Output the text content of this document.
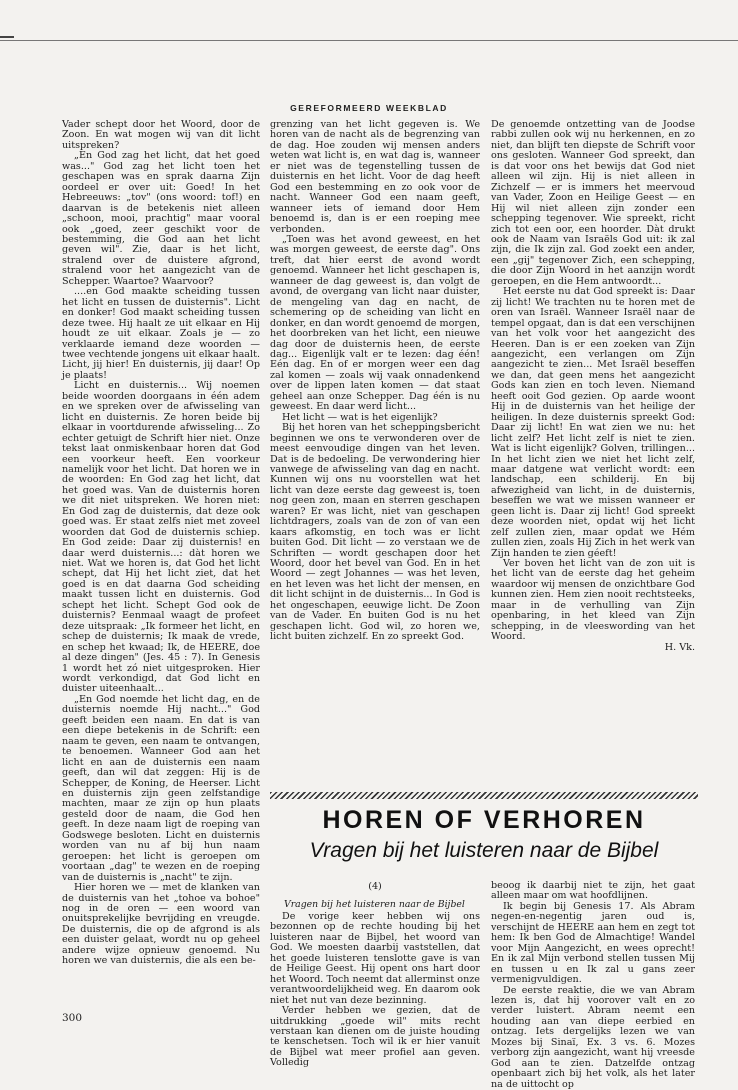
GEREFORMEERD WEEKBLAD

Vader schept door het Woord, door de Zoon. En wat mogen wij van dit licht uitspreken?

„En God zag het licht, dat het goed was..." God zag het licht toen het geschapen was en sprak daarna Zijn oordeel er over uit: Goed! In het Hebreeuws: „tov" (ons woord: tof!) en daarvan is de betekenis niet alleen „schoon, mooi, prachtig" maar vooral ook „goed, zeer geschikt voor de bestemming, die God aan het licht geven wil". Zie, daar is het licht, stralend over de duistere afgrond, stralend voor het aangezicht van de Schepper. Waartoe? Waarvoor?

....en God maakte scheiding tussen het licht en tussen de duisternis". Licht en donker! God maakt scheiding tussen deze twee. Hij haalt ze uit elkaar en Hij houdt ze uit elkaar. Zoals je — zo verklaarde iemand deze woorden — twee vechtende jongens uit elkaar haalt. Licht, jij hier! En duisternis, jij daar! Op je plaats!

Licht en duisternis... Wij noemen beide woorden doorgaans in één adem en we spreken over de afwisseling van licht en duisternis. Ze horen beide bij elkaar in voortdurende afwisseling... Zo echter getuigt de Schrift hier niet. Onze tekst laat onmiskenbaar horen dat God een voorkeur heeft. Een voorkeur namelijk voor het licht. Dat horen we in de woorden: En God zag het licht, dat het goed was. Van de duisternis horen we dit niet uitspreken. We horen niet: En God zag de duisternis, dat deze ook goed was. Er staat zelfs niet met zoveel woorden dat God de duisternis schiep. En God zeide: Daar zij duisternis! en daar werd duisternis...: dàt horen we niet. Wat we horen is, dat God het licht schept, dat Hij het licht ziet, dat het goed is en dat daarna God scheiding maakt tussen licht en duisternis. God schept het licht. Schept God ook de duisternis? Eenmaal waagt de profeet deze uitspraak: „Ik formeer het licht, en schep de duisternis; Ik maak de vrede, en schep het kwaad; Ik, de HEERE, doe al deze dingen" (Jes. 45 : 7). In Genesis 1 wordt het zó niet uitgesproken. Hier wordt verkondigd, dat God licht en duister uiteenhaalt...

„En God noemde het licht dag, en de duisternis noemde Hij nacht..." God geeft beiden een naam. En dat is van een diepe betekenis in de Schrift: een naam te geven, een naam te ontvangen, te benoemen. Wanneer God aan het licht en aan de duisternis een naam geeft, dan wil dat zeggen: Hij is de Schepper, de Koning, de Heerser. Licht en duisternis zijn geen zelfstandige machten, maar ze zijn op hun plaats gesteld door de naam, die God hen geeft. In deze naam ligt de roeping van Godswege besloten. Licht en duisternis worden van nu af bij hun naam geroepen: het licht is geroepen om voortaan „dag" te wezen en de roeping van de duisternis is „nacht" te zijn.

Hier horen we — met de klanken van de duisternis van het „tohoe va bohoe" nog in de oren — een woord van onuitsprekelijke bevrijding en vreugde. De duisternis, die op de afgrond is als een duister gelaat, wordt nu op geheel andere wijze opnieuw genoemd. Nu horen we van duisternis, die als een be-

grenzing van het licht gegeven is. We horen van de nacht als de begrenzing van de dag. Hoe zouden wij mensen anders weten wat licht is, en wat dag is, wanneer er niet was de tegenstelling tussen de duisternis en het licht. Voor de dag heeft God een bestemming en zo ook voor de nacht. Wanneer God een naam geeft, wanneer iets of iemand door Hem benoemd is, dan is er een roeping mee verbonden.

„Toen was het avond geweest, en het was morgen geweest, de eerste dag". Ons treft, dat hier eerst de avond wordt genoemd. Wanneer het licht geschapen is, wanneer de dag geweest is, dan volgt de avond, de overgang van licht naar duister, de mengeling van dag en nacht, de schemering op de scheiding van licht en donker, en dan wordt genoemd de morgen, het doorbreken van het licht, een nieuwe dag door de duisternis heen, de eerste dag... Eigenlijk valt er te lezen: dag één! Eén dag. En of er morgen weer een dag zal komen — zoals wij vaak onnadenkend over de lippen laten komen — dat staat geheel aan onze Schepper. Dag één is nu geweest. En daar werd licht...

Het licht — wat is het eigenlijk?

Bij het horen van het scheppingsbericht beginnen we ons te verwonderen over de meest eenvoudige dingen van het leven. Dat is de bedoeling. De verwondering hier vanwege de afwisseling van dag en nacht. Kunnen wij ons nu voorstellen wat het licht van deze eerste dag geweest is, toen nog geen zon, maan en sterren geschapen waren? Er was licht, niet van geschapen lichtdragers, zoals van de zon of van een kaars afkomstig, en toch was er licht buiten God. Dit licht — zo verstaan we de Schriften — wordt geschapen door het Woord, door het bevel van God. En in het Woord — zegt Johannes — was het leven, en het leven was het licht der mensen, en dit licht schijnt in de duisternis... In God is het ongeschapen, eeuwige licht. De Zoon van de Vader. En buiten God is nu het geschapen licht. God wil, zo horen we, licht buiten zichzelf. En zo spreekt God.

De genoemde ontzetting van de Joodse rabbi zullen ook wij nu herkennen, en zo niet, dan blijft ten diepste de Schrift voor ons gesloten. Wanneer God spreekt, dan is dat voor ons het bewijs dat God niet alleen wil zijn. Hij is niet alleen in Zichzelf — er is immers het meervoud van Vader, Zoon en Heilige Geest — en Hij wil niet alleen zijn zonder een schepping tegenover. Wie spreekt, richt zich tot een oor, een hoorder. Dàt drukt ook de Naam van Israëls God uit: ik zal zijn, die Ik zijn zal. God zoekt een ander, een „gij" tegenover Zich, een schepping, die door Zijn Woord in het aanzijn wordt geroepen, en die Hem antwoordt...

Het eerste nu dat God spreekt is: Daar zij licht! We trachten nu te horen met de oren van Israël. Wanneer Israël naar de tempel opgaat, dan is dat een verschijnen van het volk voor het aangezicht des Heeren. Dan is er een zoeken van Zijn aangezicht, een verlangen om Zijn aangezicht te zien... Met Israël beseffen we dan, dat geen mens het aangezicht Gods kan zien en toch leven. Niemand heeft ooit God gezien. Op aarde woont Hij in de duisternis van het heilige der heiligen. In deze duisternis spreekt God: Daar zij licht! En wat zien we nu: het licht zelf? Het licht zelf is niet te zien. Wat is licht eigenlijk? Golven, trillingen... In het licht zien we niet het licht zelf, maar datgene wat verlicht wordt: een landschap, een schilderij. En bij afwezigheid van licht, in de duisternis, beseffen we wat we missen wanneer er geen licht is. Daar zij licht! God spreekt deze woorden niet, opdat wij het licht zelf zullen zien, maar opdat we Hém zullen zien, zoals Hij Zich in het werk van Zijn handen te zien géeft!

Ver boven het licht van de zon uit is het licht van de eerste dag het geheim waardoor wij mensen de onzichtbare God kunnen zien. Hem zien nooit rechtsteeks, maar in de verhulling van Zijn openbaring, in het kleed van Zijn schepping, in de vleeswording van het Woord.

H. Vk.

HOREN OF VERHOREN
Vragen bij het luisteren naar de Bijbel
(4)
Vragen bij het luisteren naar de Bijbel

De vorige keer hebben wij ons bezonnen op de rechte houding bij het luisteren naar de Bijbel, het woord van God. We moesten daarbij vaststellen, dat het goede luisteren tenslotte gave is van de Heilige Geest. Hij opent ons hart door het Woord. Toch neemt dat allerminst onze verantwoordelijkheid weg. En daarom ook niet het nut van deze bezinning.

Verder hebben we gezien, dat de uitdrukking „goede wil" mits recht verstaan kan dienen om de juiste houding te kenschetsen. Toch wil ik er hier vanuit de Bijbel wat meer profiel aan geven. Volledig

beoog ik daarbij niet te zijn, het gaat alleen maar om wat hoofdlijnen.

Ik begin bij Genesis 17. Als Abram negen-en-negentig jaren oud is, verschijnt de HEERE aan hem en zegt tot hem: Ik ben God de Almachtige! Wandel voor Mijn Aangezicht, en wees oprecht! En ik zal Mijn verbond stellen tussen Mij en tussen u en Ik zal u gans zeer vermenigvuldigen.

De eerste reaktie, die we van Abram lezen is, dat hij voorover valt en zo verder luistert. Abram neemt een houding aan van diepe eerbied en ontzag. Iets dergelijks lezen we van Mozes bij Sinaï, Ex. 3 vs. 6. Mozes verborg zijn aangezicht, want hij vreesde God aan te zien. Datzelfde ontzag openbaart zich bij het volk, als het later na de uittocht op

300
